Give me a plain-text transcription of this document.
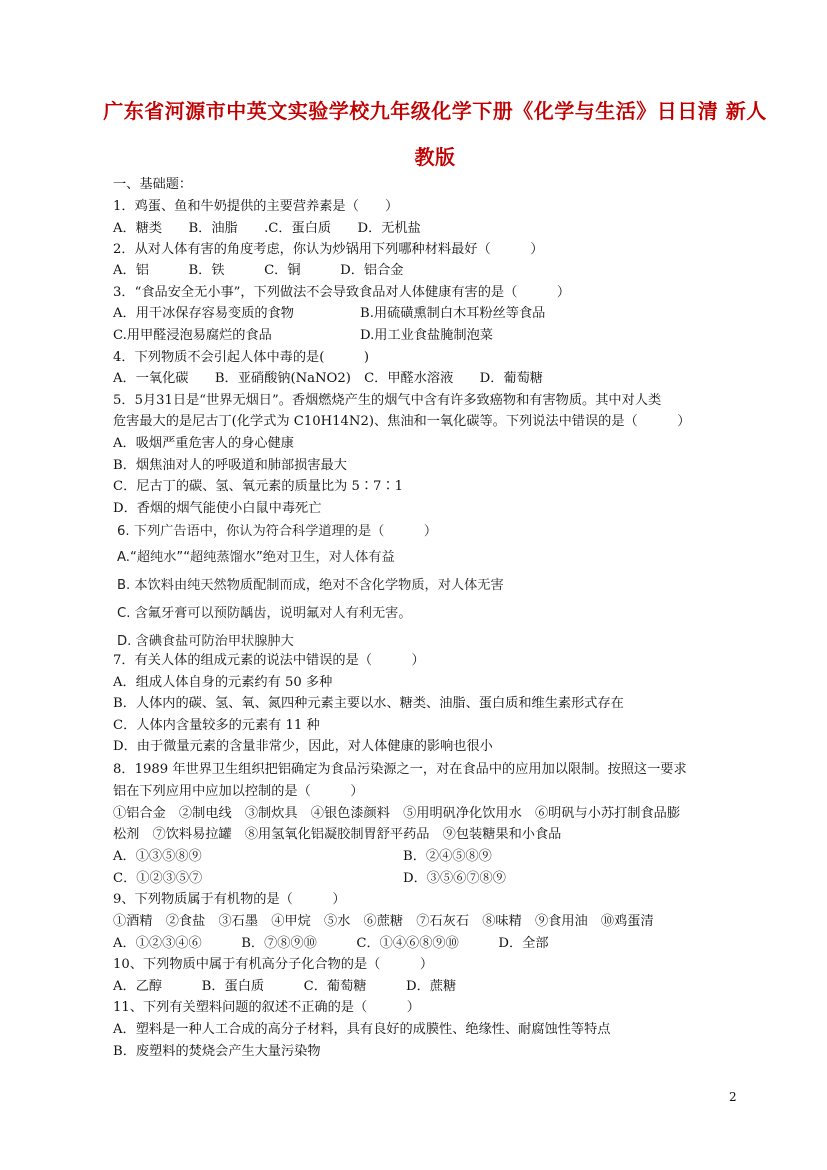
广东省河源市中英文实验学校九年级化学下册《化学与生活》日日清 新人
教版
一、基础题：
1．鸡蛋、鱼和牛奶提供的主要营养素是（　　）
A．糖类　　B．油脂　　.C．蛋白质　　D．无机盐
2．从对人体有害的角度考虑，你认为炒锅用下列哪种材料最好（　　　）
A．铝　　　B．铁　　　C．铜　　　D．铝合金
3．“食品安全无小事”，下列做法不会导致食品对人体健康有害的是（　　　）
A．用干冰保存容易变质的食物	B.用硫磺熏制白木耳粉丝等食品
C.用甲醛浸泡易腐烂的食品	D.用工业食盐腌制泡菜
4．下列物质不会引起人体中毒的是(　　　)
A．一氧化碳　　B．亚硝酸钠(NaNO2)　C．甲醛水溶液　　D．葡萄糖
5．5月31日是“世界无烟日”。香烟燃烧产生的烟气中含有许多致癌物和有害物质。其中对人类
危害最大的是尼古丁(化学式为 C10H14N2)、焦油和一氧化碳等。下列说法中错误的是（　　　）
A．吸烟严重危害人的身心健康
B．烟焦油对人的呼吸道和肺部损害最大
C．尼古丁的碳、氢、氧元素的质量比为 5∶7∶1
D．香烟的烟气能使小白鼠中毒死亡
6. 下列广告语中，你认为符合科学道理的是（　　　）
A.“超纯水”“超纯蒸馏水”绝对卫生，对人体有益
B. 本饮料由纯天然物质配制而成，绝对不含化学物质，对人体无害
C. 含氟牙膏可以预防龋齿，说明氟对人有利无害。
D. 含碘食盐可防治甲状腺肿大
7．有关人体的组成元素的说法中错误的是（　　　）
A．组成人体自身的元素约有 50 多种
B．人体内的碳、氢、氧、氮四种元素主要以水、糖类、油脂、蛋白质和维生素形式存在
C．人体内含量较多的元素有 11 种
D．由于微量元素的含量非常少，因此，对人体健康的影响也很小
8．1989 年世界卫生组织把铝确定为食品污染源之一，对在食品中的应用加以限制。按照这一要求
铝在下列应用中应加以控制的是（　　　）
①铝合金　②制电线　③制炊具　④银色漆颜料　⑤用明矾净化饮用水　⑥明矾与小苏打制食品膨
松剂　⑦饮料易拉罐　⑧用氢氧化铝凝胶制胃舒平药品　⑨包装糖果和小食品
A．①③⑤⑧⑨	B．②④⑤⑧⑨
C．①②③⑤⑦	D．③⑤⑥⑦⑧⑨
9、下列物质属于有机物的是（　　　）
①酒精　②食盐　③石墨　④甲烷　⑤水　⑥蔗糖　⑦石灰石　⑧味精　⑨食用油　⑩鸡蛋清
A．①②③④⑥　　　B．⑦⑧⑨⑩　　　C．①④⑥⑧⑨⑩　　　D．全部
10、下列物质中属于有机高分子化合物的是（　　　）
A．乙醇　　　B．蛋白质　　　C．葡萄糖　　　D．蔗糖
11、下列有关塑料问题的叙述不正确的是（　　　）
A．塑料是一种人工合成的高分子材料，具有良好的成膜性、绝缘性、耐腐蚀性等特点
B．废塑料的焚烧会产生大量污染物
2
